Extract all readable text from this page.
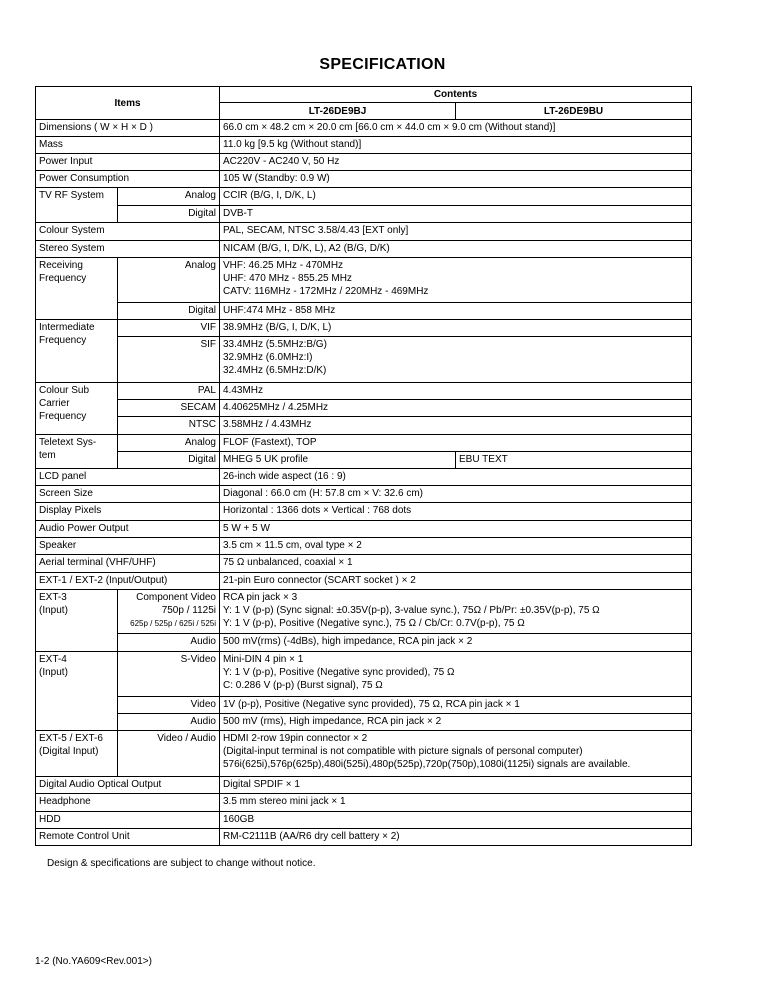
SPECIFICATION
Items		Contents	
		LT-26DE9BJ	LT-26DE9BU
Dimensions ( W × H × D )		66.0 cm × 48.2 cm × 20.0 cm [66.0 cm × 44.0 cm × 9.0 cm (Without stand)]	
Mass		11.0 kg [9.5 kg (Without stand)]	
Power Input		AC220V - AC240 V, 50 Hz	
Power Consumption		105 W (Standby: 0.9 W)	
TV RF System	Analog	CCIR (B/G, I, D/K, L)	
	Digital	DVB-T	
Colour System		PAL, SECAM, NTSC 3.58/4.43 [EXT only]	
Stereo System		NICAM (B/G, I, D/K, L), A2 (B/G, D/K)	

Receiving
Frequency	Analog	VHF: 46.25 MHz - 470MHz
UHF: 470 MHz - 855.25 MHz
CATV: 116MHz - 172MHz / 220MHz - 469MHz	

	Digital	UHF:474 MHz - 858 MHz	

Intermediate
Frequency	VIF	38.9MHz (B/G, I, D/K, L)	
	SIF	33.4MHz (5.5MHz:B/G)
32.9MHz (6.0MHz:I)
32.4MHz (6.5MHz:D/K)	

Colour Sub
Carrier
Frequency	PAL	4.43MHz	
	SECAM	4.40625MHz / 4.25MHz	
	NTSC	3.58MHz / 4.43MHz	

Teletext Sys-
tem	Analog	FLOF (Fastext), TOP	
	Digital	MHEG 5 UK profile	EBU TEXT
LCD panel		26-inch wide aspect (16 : 9)	
Screen Size		Diagonal : 66.0 cm (H: 57.8 cm × V: 32.6 cm)	
Display Pixels		Horizontal : 1366 dots × Vertical : 768 dots	
Audio Power Output		5 W + 5 W	
Speaker		3.5 cm × 11.5 cm, oval type × 2	
Aerial terminal (VHF/UHF)		75 Ω unbalanced, coaxial × 1	
EXT-1 / EXT-2 (Input/Output)		21-pin Euro connector (SCART socket ) × 2	

EXT-3
(Input)	Component Video
750p / 1125i
625p / 525p / 625i / 525i	RCA pin jack × 3
Y: 1 V (p-p) (Sync signal: ±0.35V(p-p), 3-value sync.), 75Ω / Pb/Pr: ±0.35V(p-p), 75 Ω
Y: 1 V (p-p), Positive (Negative sync.), 75 Ω / Cb/Cr: 0.7V(p-p), 75 Ω	

	Audio	500 mV(rms) (-4dBs), high impedance, RCA pin jack × 2	

EXT-4
(Input)	S-Video	Mini-DIN 4 pin × 1
Y: 1 V (p-p), Positive (Negative sync provided), 75 Ω
C: 0.286 V (p-p) (Burst signal), 75 Ω	

	Video	1V (p-p), Positive (Negative sync provided), 75 Ω, RCA pin jack × 1	
	Audio	500 mV (rms), High impedance, RCA pin jack × 2	

EXT-5 / EXT-6
(Digital Input)	Video / Audio	HDMI 2-row 19pin connector × 2
(Digital-input terminal is not compatible with picture signals of personal computer)
576i(625i),576p(625p),480i(525i),480p(525p),720p(750p),1080i(1125i) signals are available.	

Digital Audio Optical Output		Digital SPDIF × 1	
Headphone		3.5 mm stereo mini jack × 1	
HDD		160GB	
Remote Control Unit		RM-C2111B (AA/R6 dry cell battery × 2)	
Design & specifications are subject to change without notice.
1-2 (No.YA609<Rev.001>)
